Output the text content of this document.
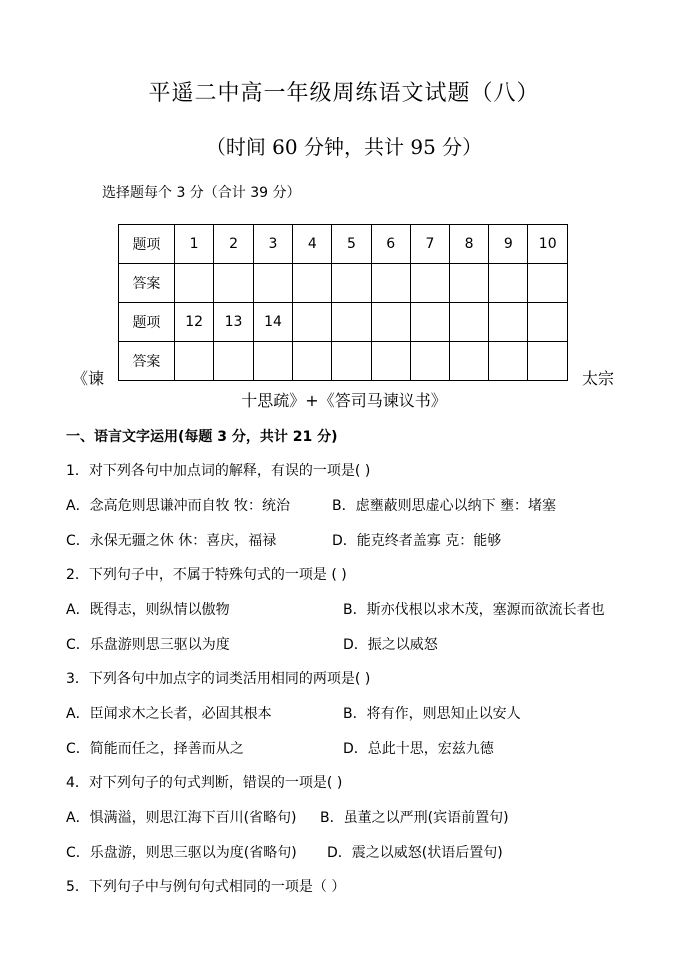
平遥二中高一年级周练语文试题（八）
（时间 60 分钟，共计 95 分）
选择题每个 3 分（合计 39 分）
题项	1	2	3	4	5	6	7	8	9	10
答案										
题项	12	13	14							
答案										
《谏	太宗
十思疏》+《答司马谏议书》
一、语言文字运用(每题 3 分，共计 21 分)
1．对下列各句中加点词的解释，有误的一项是( )
A．念高危则思谦冲而自牧 牧：统治	B．虑壅蔽则思虚心以纳下 壅：堵塞
C．永保无疆之休 休：喜庆，福禄	D．能克终者盖寡 克：能够
2．下列句子中，不属于特殊句式的一项是 ( )
A．既得志，则纵情以傲物	B．斯亦伐根以求木茂，塞源而欲流长者也
C．乐盘游则思三驱以为度	D．振之以威怒
3．下列各句中加点字的词类活用相同的两项是( )
A．臣闻求木之长者，必固其根本	B．将有作，则思知止以安人
C．简能而任之，择善而从之	D．总此十思，宏兹九德
4．对下列句子的句式判断，错误的一项是( )
A．惧满溢，则思江海下百川(省略句) B．虽董之以严刑(宾语前置句)
C．乐盘游，则思三驱以为度(省略句) D．震之以威怒(状语后置句)
5．下列句子中与例句句式相同的一项是（ ）
